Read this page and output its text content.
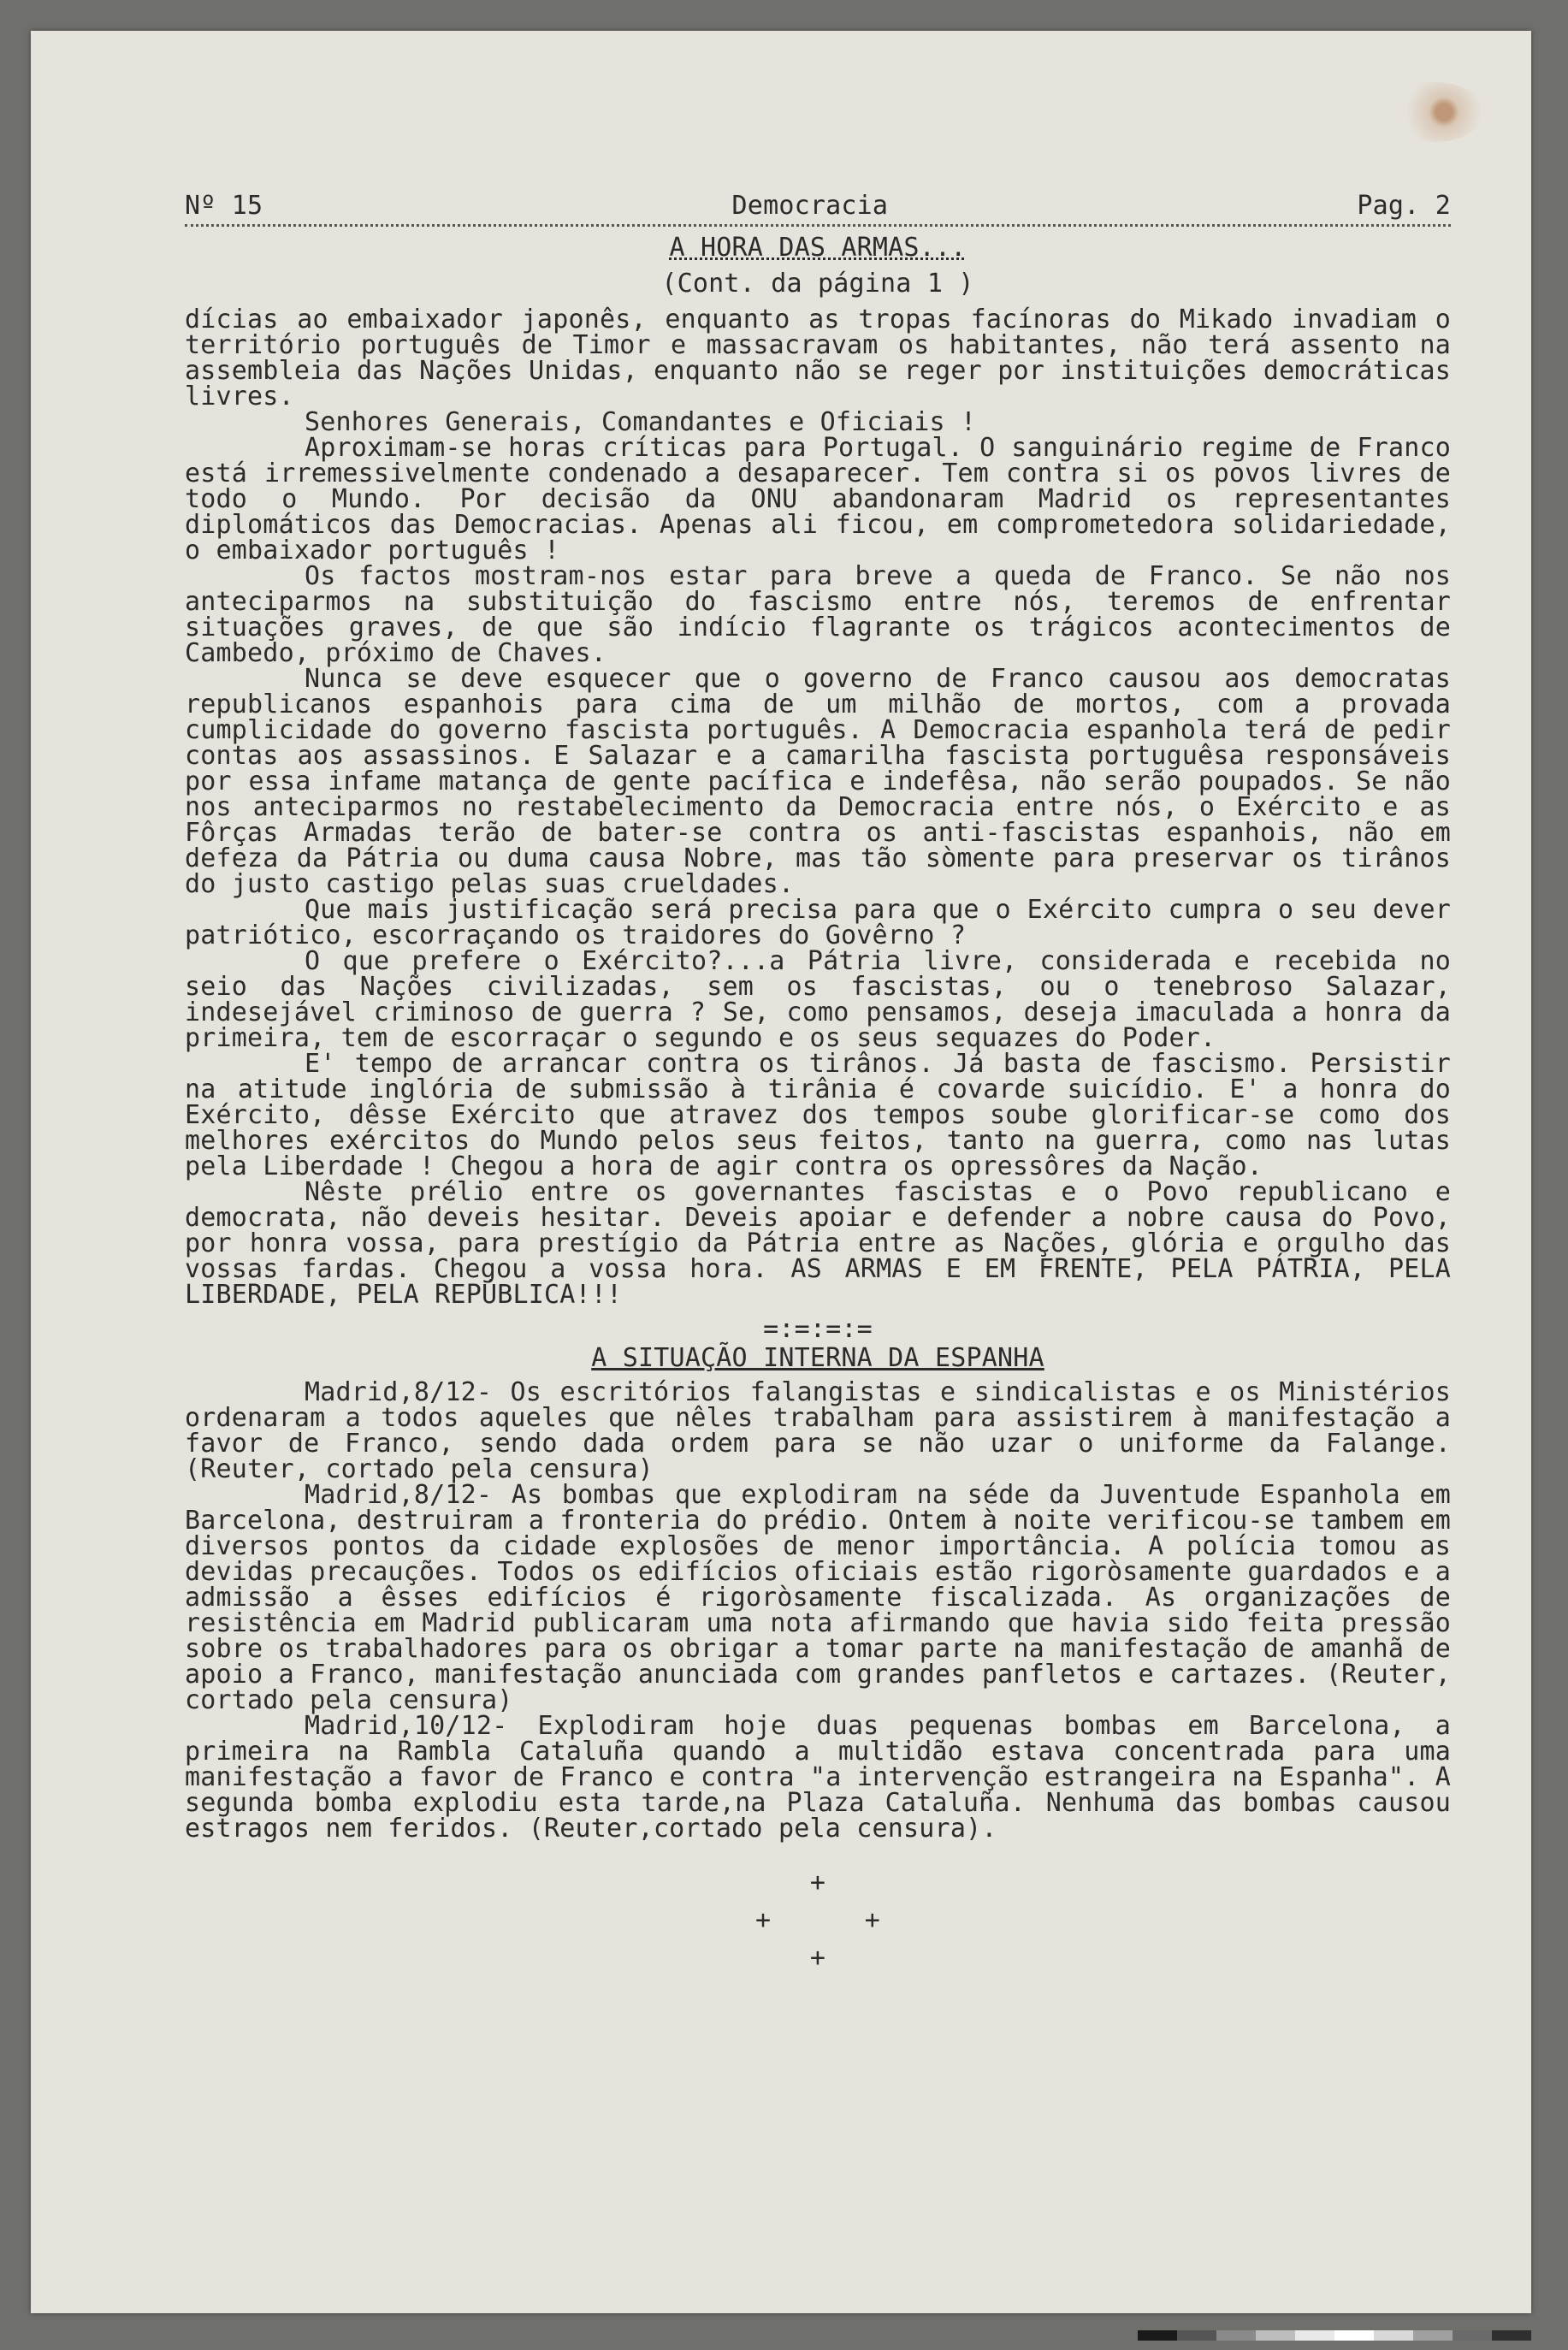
Nº 15	Democracia	Pag. 2
A HORA DAS ARMAS...
(Cont. da página 1 )

dícias ao embaixador japonês, enquanto as tropas facínoras do Mikado invadiam o território português de Timor e massacravam os habitantes, não terá assento na assembleia das Nações Unidas, enquanto não se reger por instituições democráticas livres.

Senhores Generais, Comandantes e Oficiais !

Aproximam-se horas críticas para Portugal. O sanguinário regime de Franco está irremessivelmente condenado a desaparecer. Tem contra si os povos livres de todo o Mundo. Por decisão da ONU abandonaram Madrid os representantes diplomáticos das Democracias. Apenas ali ficou, em comprometedora solidariedade, o embaixador português !

Os factos mostram-nos estar para breve a queda de Franco. Se não nos anteciparmos na substituição do fascismo entre nós, teremos de enfrentar situações graves, de que são indício flagrante os trágicos acontecimentos de Cambedo, próximo de Chaves.

Nunca se deve esquecer que o governo de Franco causou aos democratas republicanos espanhois para cima de um milhão de mortos, com a provada cumplicidade do governo fascista português. A Democracia espanhola terá de pedir contas aos assassinos. E Salazar e a camarilha fascista portuguêsa responsáveis por essa infame matança de gente pacífica e indefêsa, não serão poupados. Se não nos anteciparmos no restabelecimento da Democracia entre nós, o Exército e as Fôrças Armadas terão de bater-se contra os anti-fascistas espanhois, não em defeza da Pátria ou duma causa Nobre, mas tão sòmente para preservar os tirânos do justo castigo pelas suas crueldades.

Que mais justificação será precisa para que o Exército cumpra o seu dever patriótico, escorraçando os traidores do Govêrno ?

O que prefere o Exército?...a Pátria livre, considerada e recebida no seio das Nações civilizadas, sem os fascistas, ou o tenebroso Salazar, indesejável criminoso de guerra ? Se, como pensamos, deseja imaculada a honra da primeira, tem de escorraçar o segundo e os seus sequazes do Poder.

E' tempo de arrancar contra os tirânos. Já basta de fascismo. Persistir na atitude inglória de submissão à tirânia é covarde suicídio. E' a honra do Exército, dêsse Exército que atravez dos tempos soube glorificar-se como dos melhores exércitos do Mundo pelos seus feitos, tanto na guerra, como nas lutas pela Liberdade ! Chegou a hora de agir contra os opressôres da Nação.

Nêste prélio entre os governantes fascistas e o Povo republicano e democrata, não deveis hesitar. Deveis apoiar e defender a nobre causa do Povo, por honra vossa, para prestígio da Pátria entre as Nações, glória e orgulho das vossas fardas. Chegou a vossa hora. AS ARMAS E EM FRENTE, PELA PÁTRIA, PELA LIBERDADE, PELA REPÚBLICA!!!

=:=:=:=
A SITUAÇÃO INTERNA DA ESPANHA

Madrid,8/12- Os escritórios falangistas e sindicalistas e os Ministérios ordenaram a todos aqueles que nêles trabalham para assistirem à manifestação a favor de Franco, sendo dada ordem para se não uzar o uniforme da Falange. (Reuter, cortado pela censura)

Madrid,8/12- As bombas que explodiram na séde da Juventude Espanhola em Barcelona, destruiram a fronteria do prédio. Ontem à noite verificou-se tambem em diversos pontos da cidade explosões de menor importância. A polícia tomou as devidas precauções. Todos os edifícios oficiais estão rigoròsamente guardados e a admissão a êsses edifícios é rigoròsamente fiscalizada. As organizações de resistência em Madrid publicaram uma nota afirmando que havia sido feita pressão sobre os trabalhadores para os obrigar a tomar parte na manifestação de amanhã de apoio a Franco, manifestação anunciada com grandes panfletos e cartazes. (Reuter, cortado pela censura)

Madrid,10/12- Explodiram hoje duas pequenas bombas em Barcelona, a primeira na Rambla Cataluña quando a multidão estava concentrada para uma manifestação a favor de Franco e contra "a intervenção estrangeira na Espanha". A segunda bomba explodiu esta tarde,na Plaza Cataluña. Nenhuma das bombas causou estragos nem feridos. (Reuter,cortado pela censura).

+
+      +
+
